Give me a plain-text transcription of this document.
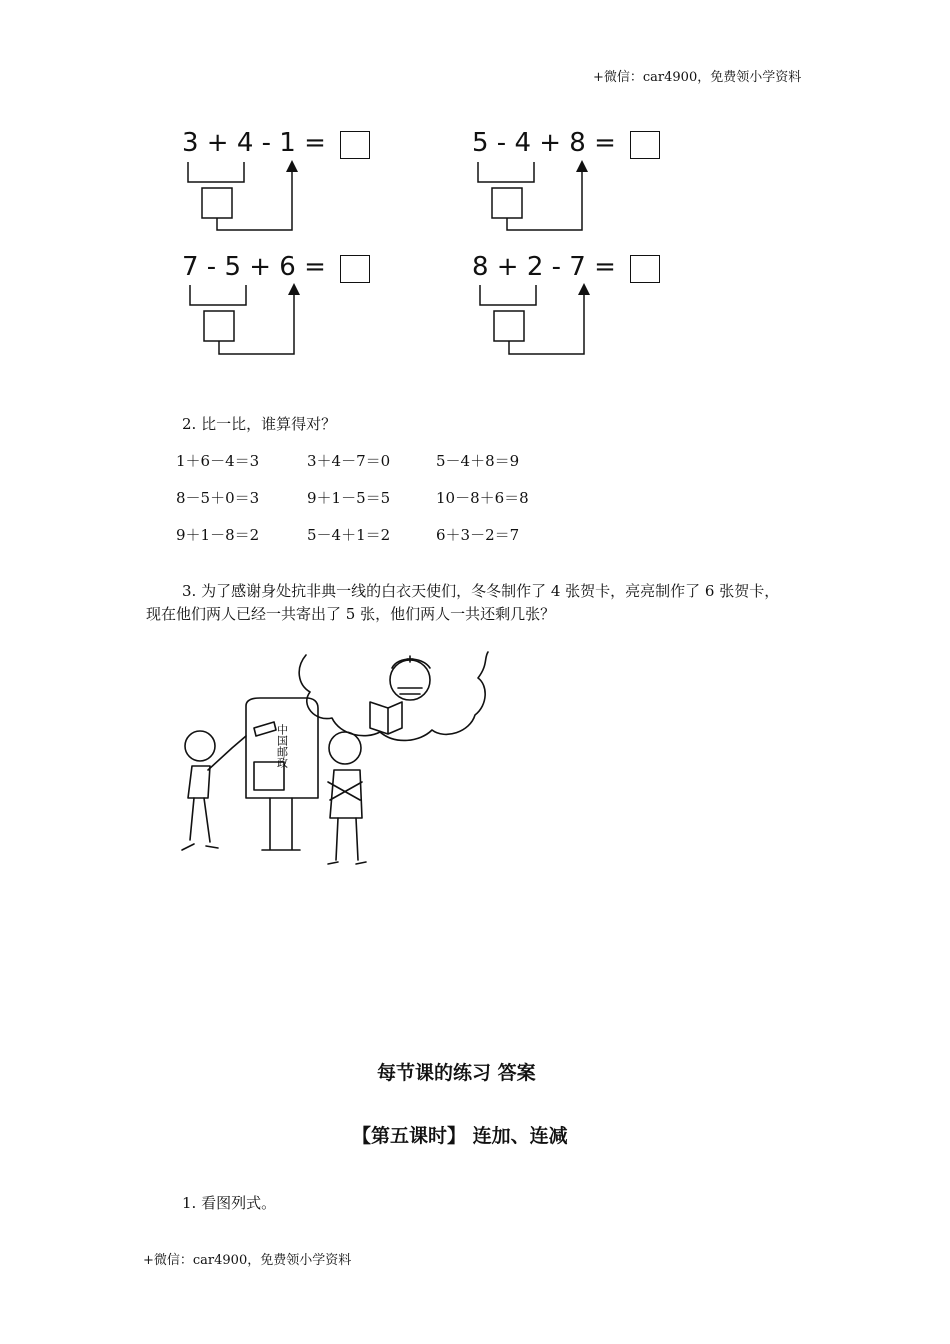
+微信：car4900，免费领小学资料
3 + 4 - 1 =	5 - 4 + 8 =
7 - 5 + 6 =	8 + 2 - 7 =
2. 比一比，谁算得对？
1＋6－4＝3	3＋4－7＝0	5－4＋8＝9
8－5＋0＝3	9＋1－5＝5	10－8＋6＝8
9＋1－8＝2	5－4＋1＝2	6＋3－2＝7
3. 为了感谢身处抗非典一线的白衣天使们，冬冬制作了 4 张贺卡，亮亮制作了 6 张贺卡，
现在他们两人已经一共寄出了 5 张，他们两人一共还剩几张？
中国邮政
每节课的练习 答案
【第五课时】 连加、连减
1. 看图列式。
+微信：car4900，免费领小学资料
